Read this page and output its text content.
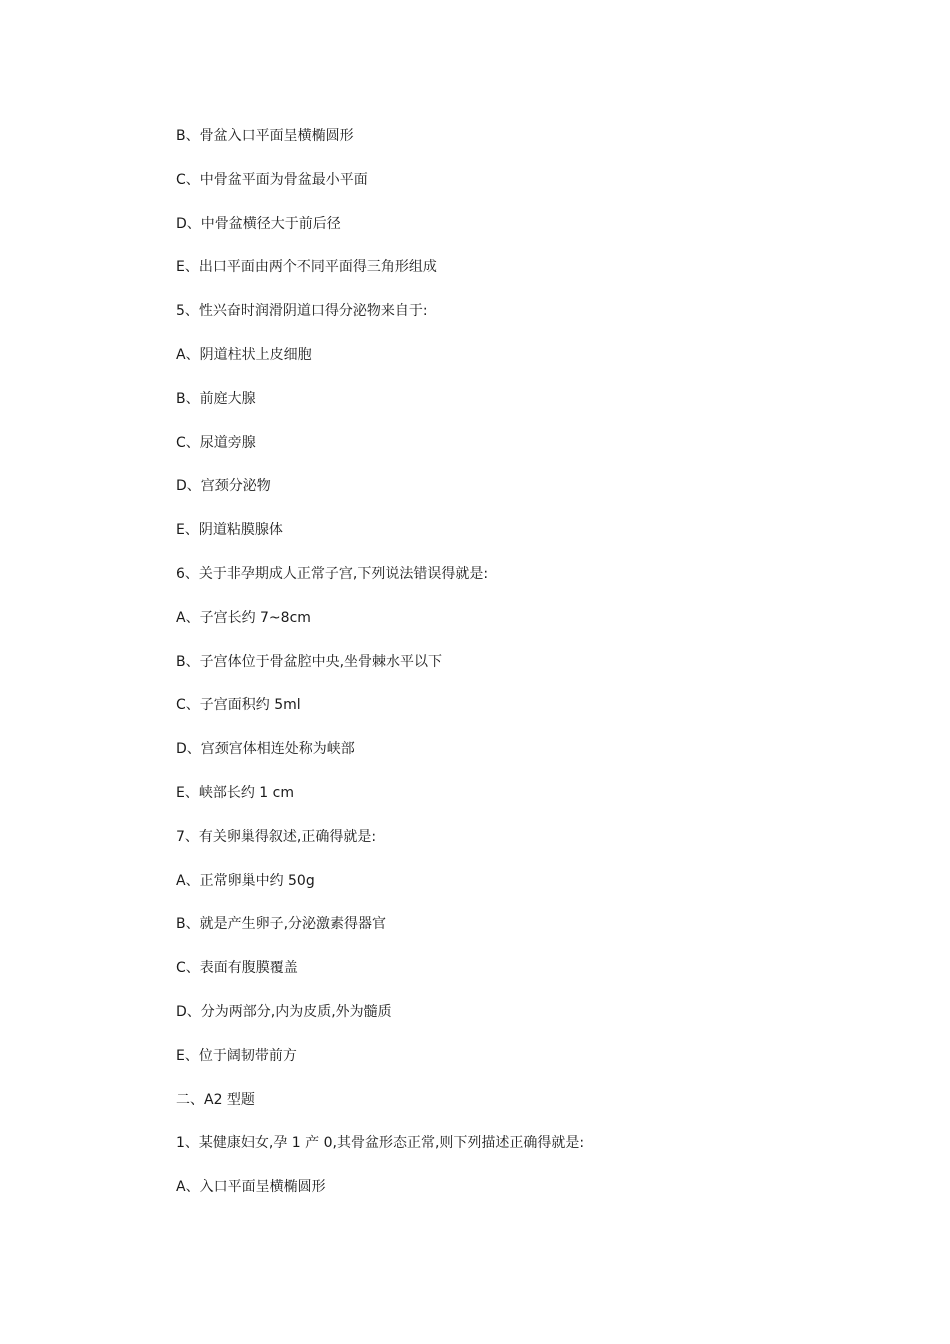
B、骨盆入口平面呈横椭圆形
C、中骨盆平面为骨盆最小平面
D、中骨盆横径大于前后径
E、出口平面由两个不同平面得三角形组成
5、性兴奋时润滑阴道口得分泌物来自于:
A、阴道柱状上皮细胞
B、前庭大腺
C、尿道旁腺
D、宫颈分泌物
E、阴道粘膜腺体
6、关于非孕期成人正常子宫,下列说法错误得就是:
A、子宫长约 7~8cm
B、子宫体位于骨盆腔中央,坐骨棘水平以下
C、子宫面积约 5ml
D、宫颈宫体相连处称为峡部
E、峡部长约 1 cm
7、有关卵巢得叙述,正确得就是:
A、正常卵巢中约 50g
B、就是产生卵子,分泌激素得器官
C、表面有腹膜覆盖
D、分为两部分,内为皮质,外为髓质
E、位于阔韧带前方
二、A2 型题
1、某健康妇女,孕 1 产 0,其骨盆形态正常,则下列描述正确得就是:
A、入口平面呈横椭圆形
